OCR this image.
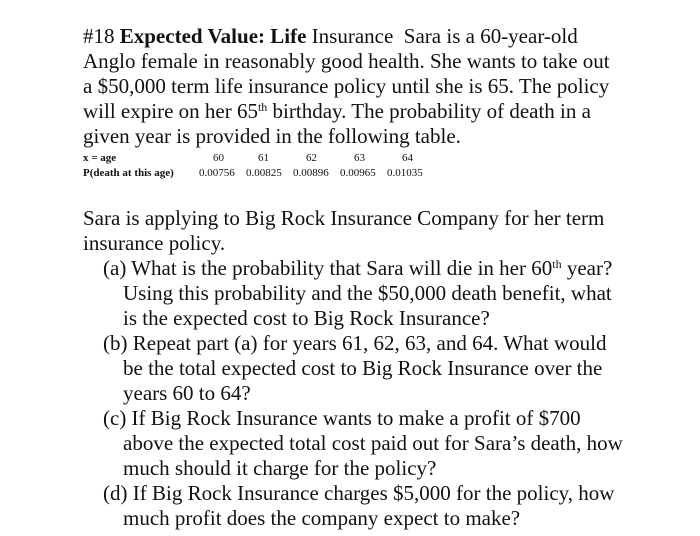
#18 Expected Value: Life Insurance Sara is a 60-year-old Anglo female in reasonably good health. She wants to take out a $50,000 term life insurance policy until she is 65. The policy will expire on her 65th birthday. The probability of death in a given year is provided in the following table.

x = age	60	61	62	63	64
P(death at this age) 0.00756 0.00825 0.00896 0.00965 0.01035

Sara is applying to Big Rock Insurance Company for her term insurance policy.

(a) What is the probability that Sara will die in her 60th year? Using this probability and the $50,000 death benefit, what is the expected cost to Big Rock Insurance?

(b) Repeat part (a) for years 61, 62, 63, and 64. What would be the total expected cost to Big Rock Insurance over the years 60 to 64?

(c) If Big Rock Insurance wants to make a profit of $700 above the expected total cost paid out for Sara’s death, how much should it charge for the policy?

(d) If Big Rock Insurance charges $5,000 for the policy, how much profit does the company expect to make?
